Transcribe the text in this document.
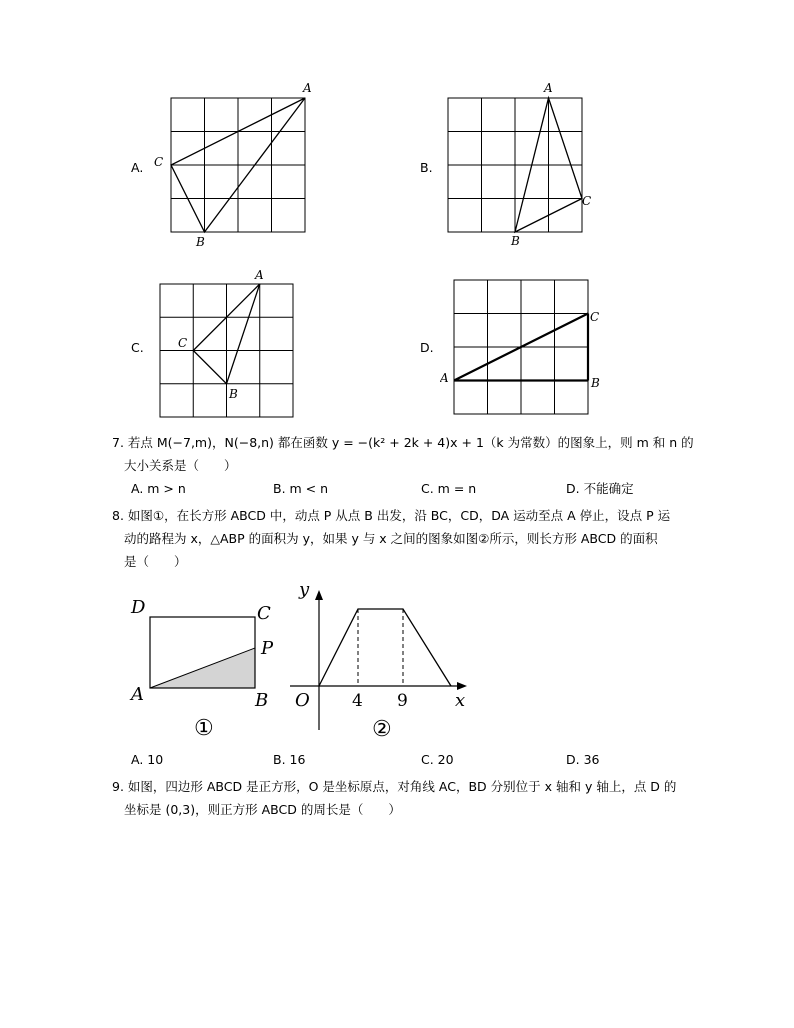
A.
A
C
B
B.
A
C
B
C.
A
C
B
D.
C
A	B
7. 若点 M(−7,m)，N(−8,n) 都在函数 y = −(k² + 2k + 4)x + 1（k 为常数）的图象上，则 m 和 n 的
大小关系是（　　）
A. m > n	B. m < n	C. m = n	D. 不能确定
8. 如图①，在长方形 ABCD 中，动点 P 从点 B 出发，沿 BC，CD，DA 运动至点 A 停止，设点 P 运
动的路程为 x，△ABP 的面积为 y，如果 y 与 x 之间的图象如图②所示，则长方形 ABCD 的面积
是（　　）
D	C
P
A	B
①
y
x
O 4 9
②
A. 10	B. 16	C. 20	D. 36
9. 如图，四边形 ABCD 是正方形，O 是坐标原点，对角线 AC，BD 分别位于 x 轴和 y 轴上，点 D 的
坐标是 (0,3)，则正方形 ABCD 的周长是（　　）
